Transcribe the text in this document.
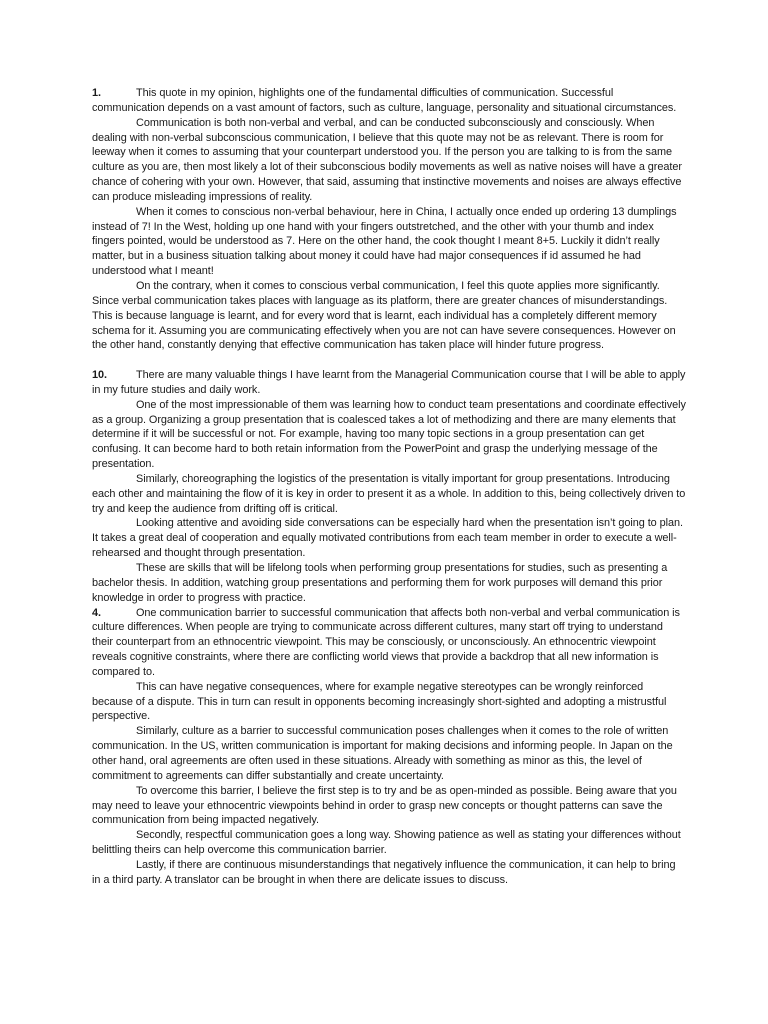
1.	This quote in my opinion, highlights one of the fundamental difficulties of communication. Successful communication depends on a vast amount of factors, such as culture, language, personality and situational circumstances.

Communication is both non-verbal and verbal, and can be conducted subconsciously and consciously. When dealing with non-verbal subconscious communication, I believe that this quote may not be as relevant. There is room for leeway when it comes to assuming that your counterpart understood you. If the person you are talking to is from the same culture as you are, then most likely a lot of their subconscious bodily movements as well as native noises will have a greater chance of cohering with your own. However, that said, assuming that instinctive movements and noises are always effective can produce misleading impressions of reality.

When it comes to conscious non-verbal behaviour, here in China, I actually once ended up ordering 13 dumplings instead of 7! In the West, holding up one hand with your fingers outstretched, and the other with your thumb and index fingers pointed, would be understood as 7. Here on the other hand, the cook thought I meant 8+5. Luckily it didn’t really matter, but in a business situation talking about money it could have had major consequences if id assumed he had understood what I meant!

On the contrary, when it comes to conscious verbal communication, I feel this quote applies more significantly. Since verbal communication takes places with language as its platform, there are greater chances of misunderstandings. This is because language is learnt, and for every word that is learnt, each individual has a completely different memory schema for it. Assuming you are communicating effectively when you are not can have severe consequences. However on the other hand, constantly denying that effective communication has taken place will hinder future progress.

10.	There are many valuable things I have learnt from the Managerial Communication course that I will be able to apply in my future studies and daily work.

One of the most impressionable of them was learning how to conduct team presentations and coordinate effectively as a group. Organizing a group presentation that is coalesced takes a lot of methodizing and there are many elements that determine if it will be successful or not. For example, having too many topic sections in a group presentation can get confusing. It can become hard to both retain information from the PowerPoint and grasp the underlying message of the presentation.

Similarly, choreographing the logistics of the presentation is vitally important for group presentations. Introducing each other and maintaining the flow of it is key in order to present it as a whole. In addition to this, being collectively driven to try and keep the audience from drifting off is critical.

Looking attentive and avoiding side conversations can be especially hard when the presentation isn’t going to plan. It takes a great deal of cooperation and equally motivated contributions from each team member in order to execute a well-rehearsed and thought through presentation.

These are skills that will be lifelong tools when performing group presentations for studies, such as presenting a bachelor thesis. In addition, watching group presentations and performing them for work purposes will demand this prior knowledge in order to progress with practice.

4.	One communication barrier to successful communication that affects both non-verbal and verbal communication is culture differences. When people are trying to communicate across different cultures, many start off trying to understand their counterpart from an ethnocentric viewpoint. This may be consciously, or unconsciously. An ethnocentric viewpoint reveals cognitive constraints, where there are conflicting world views that provide a backdrop that all new information is compared to.

This can have negative consequences, where for example negative stereotypes can be wrongly reinforced because of a dispute. This in turn can result in opponents becoming increasingly short-sighted and adopting a mistrustful perspective.

Similarly, culture as a barrier to successful communication poses challenges when it comes to the role of written communication. In the US, written communication is important for making decisions and informing people. In Japan on the other hand, oral agreements are often used in these situations. Already with something as minor as this, the level of commitment to agreements can differ substantially and create uncertainty.

To overcome this barrier, I believe the first step is to try and be as open-minded as possible. Being aware that you may need to leave your ethnocentric viewpoints behind in order to grasp new concepts or thought patterns can save the communication from being impacted negatively.

Secondly, respectful communication goes a long way. Showing patience as well as stating your differences without belittling theirs can help overcome this communication barrier.

Lastly, if there are continuous misunderstandings that negatively influence the communication, it can help to bring in a third party. A translator can be brought in when there are delicate issues to discuss.
